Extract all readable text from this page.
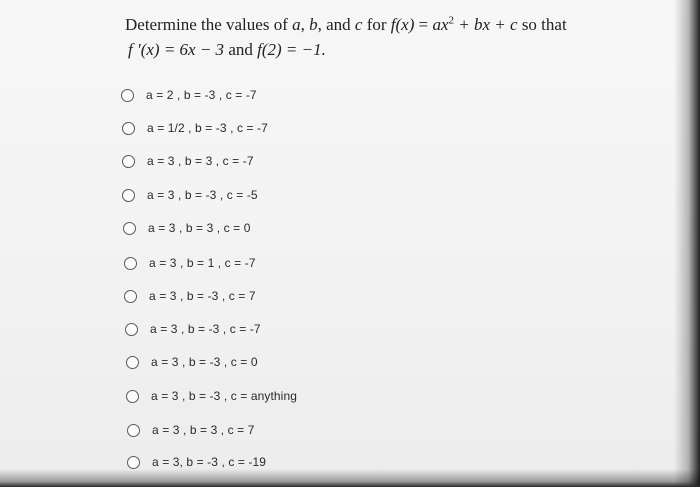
Determine the values of a, b, and c for $f(x) = ax^2$ + bx + c so that
f ′(x) = 6x − 3 and f(2) = −1.
a = 2 , b = -3 , c = -7
a = 1/2 , b = -3 , c = -7
a = 3 , b = 3 , c = -7
a = 3 , b = -3 , c = -5
a = 3 , b = 3 , c = 0
a = 3 , b = 1 , c = -7
a = 3 , b = -3 , c = 7
a = 3 , b = -3 , c = -7
a = 3 , b = -3 , c = 0
a = 3 , b = -3 , c = anything
a = 3 , b = 3 , c = 7
a = 3, b = -3 , c = -19
